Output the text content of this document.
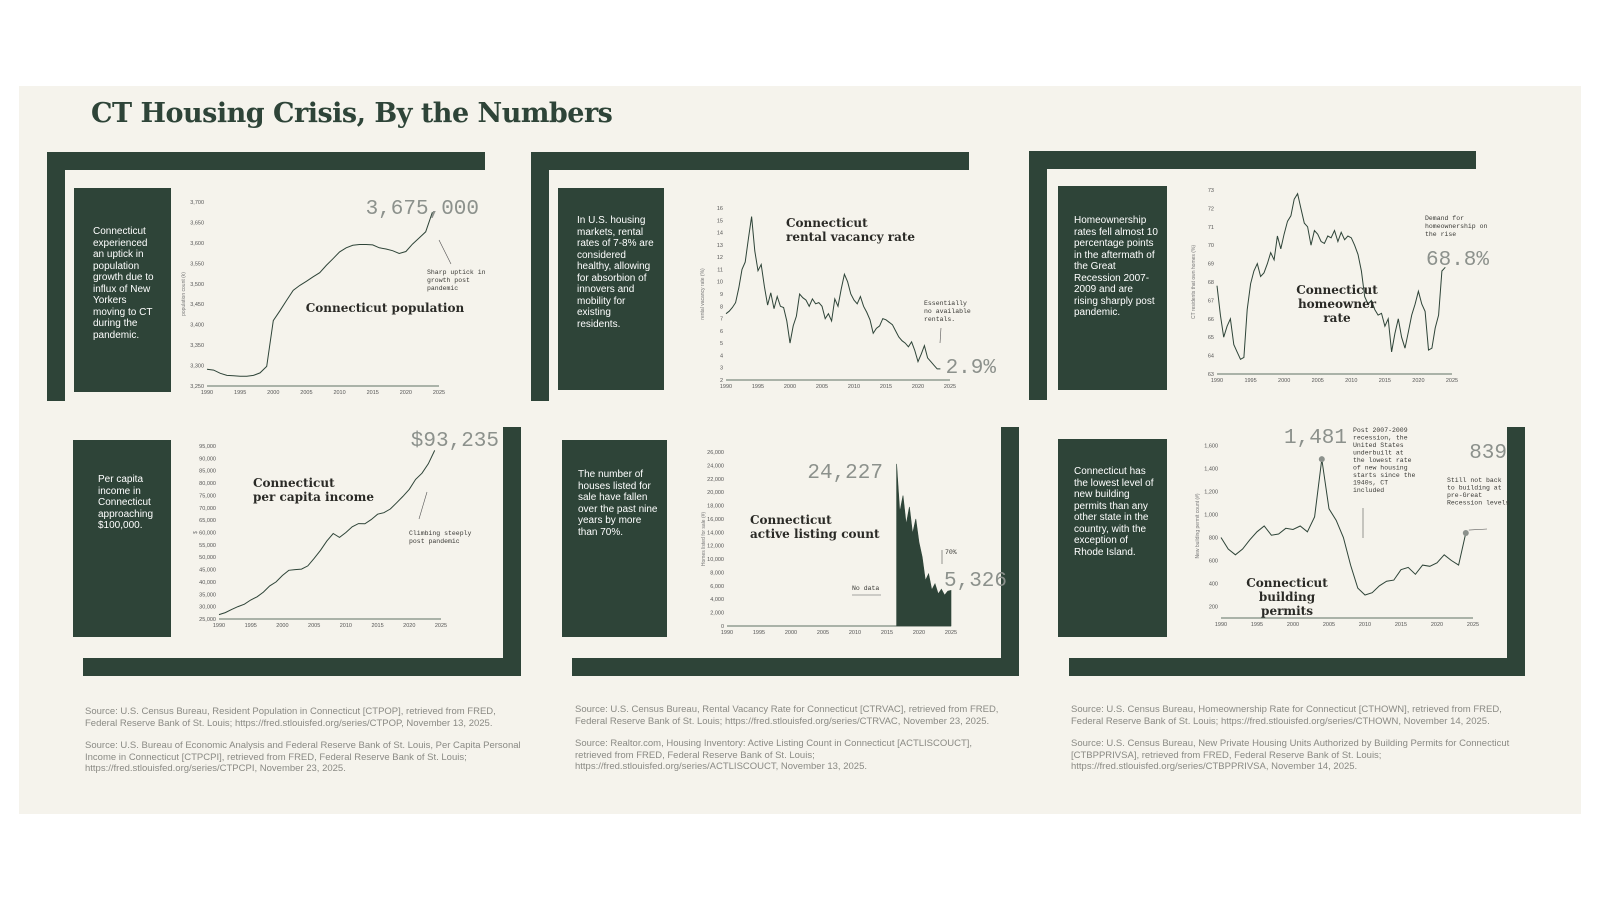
CT Housing Crisis, By the Numbers
Connecticut experienced an uptick in population growth due to influx of New Yorkers moving to CT during the pandemic.
1990	1995	2000	2005	2010	2015	2020	2025
3,250
3,300
3,350
3,400
3,450
3,500
3,550
3,600
3,650
3,700
population count (k)
3,675,000
Connecticut population
Sharp uptick in growth post pandemic
In U.S. housing markets, rental rates of 7-8% are considered healthy, allowing for absorbion of innovers and mobility for existing residents.
1990	1995	2000	2005	2010	2015	2020	2025
2
3
4
5
6
7
8
9
10
11
12
13
14
15
16
rental vacancy rate (%)
Connecticut rental vacancy rate
2.9%
Essentially no available rentals.
Homeownership rates fell almost 10 percentage points in the aftermath of the Great Recession 2007-2009 and are rising sharply post pandemic.
1990	1995	2000	2005	2010	2015	2020	2025
63
64
65
66
67
68
69
70
71
72
73
CT residents that own homes (%)	Connecticut homeowner rate
Demand for homeownership on the rise
68.8%
Per capita income in Connecticut approaching $100,000.
1990	1995	2000	2005	2010	2015	2020	2025
25,000
30,000
35,000
40,000
45,000
50,000
55,000
60,000
65,000
70,000
75,000
80,000
85,000
90,000
95,000
$
$93,235
Connecticut per capita income
Climbing steeply post pandemic
The number of houses listed for sale have fallen over the past nine years by more than 70%.
1990	1995	2000	2005	2010	2015	2020	2025
0
2,000
4,000
6,000
8,000
10,000
12,000
14,000
16,000
18,000
20,000
22,000
24,000
26,000
Homes listed for sale (#)
24,227
5,326
Connecticut active listing count
No data
70%
Connecticut has the lowest level of new building permits than any other state in the country, with the exception of Rhode Island.
1990	1995	2000	2005	2010	2015	2020	2025
200
400
600
800
1,000
1,200
1,400
1,600
New building permit count (#)
1,481
839
Post 2007-2009 recession, the United States underbuilt at the lowest rate of new housing starts since the 1940s, CT included
Still not back to building at pre-Great Recession levels
Connecticut building permits

Source: U.S. Census Bureau, Resident Population in Connecticut [CTPOP], retrieved from FRED, Federal Reserve Bank of St. Louis; https://fred.stlouisfed.org/series/CTPOP, November 13, 2025.

Source: U.S. Bureau of Economic Analysis and Federal Reserve Bank of St. Louis, Per Capita Personal Income in Connecticut [CTPCPI], retrieved from FRED, Federal Reserve Bank of St. Louis; https://fred.stlouisfed.org/series/CTPCPI, November 23, 2025.

Source: U.S. Census Bureau, Rental Vacancy Rate for Connecticut [CTRVAC], retrieved from FRED, Federal Reserve Bank of St. Louis; https://fred.stlouisfed.org/series/CTRVAC, November 23, 2025.

Source: Realtor.com, Housing Inventory: Active Listing Count in Connecticut [ACTLISCOUCT], retrieved from FRED, Federal Reserve Bank of St. Louis; https://fred.stlouisfed.org/series/ACTLISCOUCT, November 13, 2025.

Source: U.S. Census Bureau, Homeownership Rate for Connecticut [CTHOWN], retrieved from FRED, Federal Reserve Bank of St. Louis; https://fred.stlouisfed.org/series/CTHOWN, November 14, 2025.

Source: U.S. Census Bureau, New Private Housing Units Authorized by Building Permits for Connecticut [CTBPPRIVSA], retrieved from FRED, Federal Reserve Bank of St. Louis; https://fred.stlouisfed.org/series/CTBPPRIVSA, November 14, 2025.
